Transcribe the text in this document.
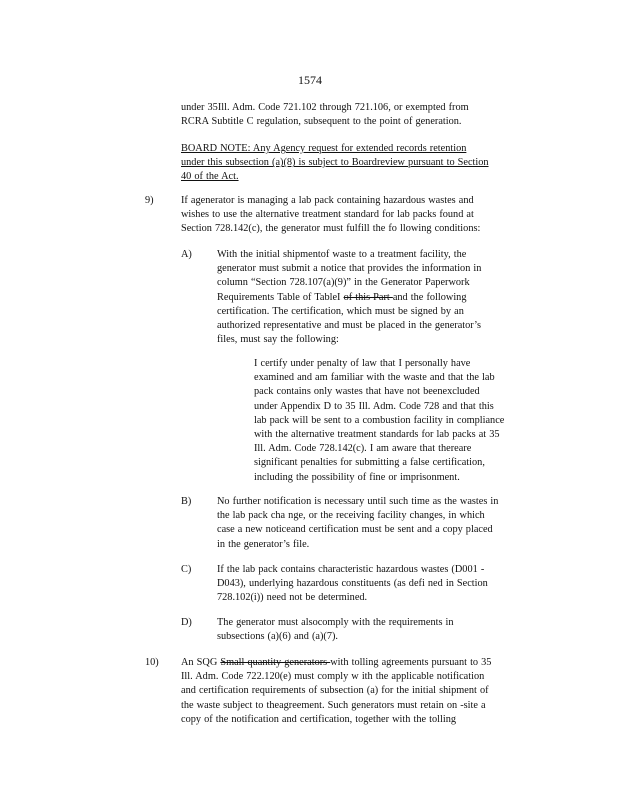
1574
under 35Ill. Adm. Code 721.102 through 721.106, or exempted from
RCRA Subtitle C regulation, subsequent to the point of generation.
BOARD NOTE: Any Agency request for extended records retention
under this subsection (a)(8) is subject to Boardreview pursuant to Section
40 of the Act.
9)	If agenerator is managing a lab pack containing hazardous wastes and
wishes to use the alternative treatment standard for lab packs found at
Section 728.142(c), the generator must fulfill the fo llowing conditions:
A) With the initial shipmentof waste to a treatment facility, the
generator must submit a notice that provides the information in
column “Section 728.107(a)(9)” in the Generator Paperwork
Requirements Table of TableI of this Part and the following
certification. The certification, which must be signed by an
authorized representative and must be placed in the generator’s
files, must say the following:
I certify under penalty of law that I personally have
examined and am familiar with the waste and that the lab
pack contains only wastes that have not beenexcluded
under Appendix D to 35 Ill. Adm. Code 728 and that this
lab pack will be sent to a combustion facility in compliance
with the alternative treatment standards for lab packs at 35
Ill. Adm. Code 728.142(c). I am aware that thereare
significant penalties for submitting a false certification,
including the possibility of fine or imprisonment.
B) No further notification is necessary until such time as the wastes in
the lab pack cha nge, or the receiving facility changes, in which
case a new noticeand certification must be sent and a copy placed
in the generator’s file.
C) If the lab pack contains characteristic hazardous wastes (D001 -
D043), underlying hazardous constituents (as defi ned in Section
728.102(i)) need not be determined.
D) The generator must alsocomply with the requirements in
subsections (a)(6) and (a)(7).
10) An SQG Small quantity generators with tolling agreements pursuant to 35
Ill. Adm. Code 722.120(e) must comply w ith the applicable notification
and certification requirements of subsection (a) for the initial shipment of
the waste subject to theagreement. Such generators must retain on -site a
copy of the notification and certification, together with the tolling
